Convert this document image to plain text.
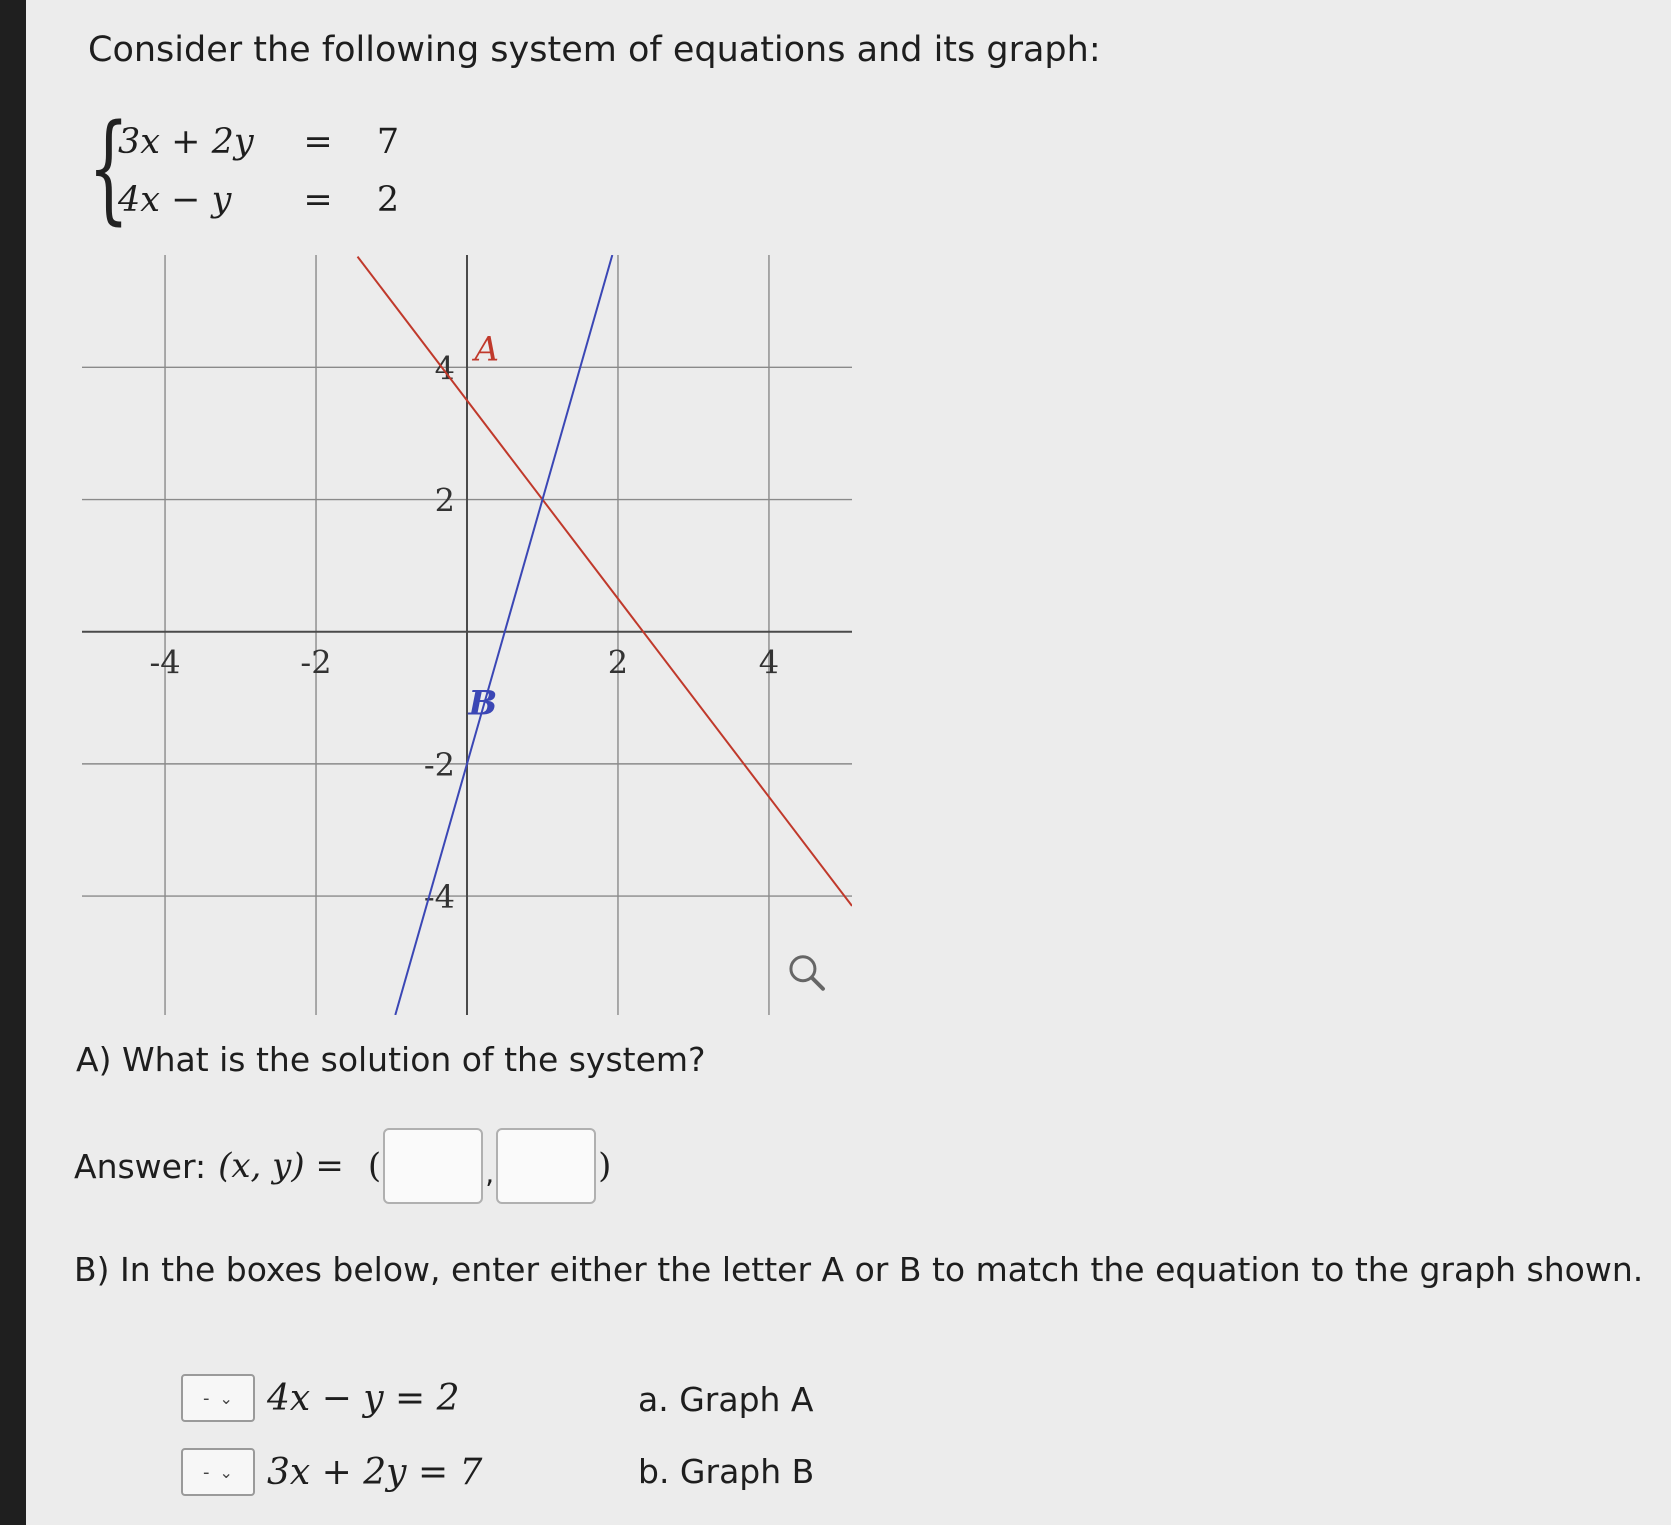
Consider the following system of equations and its graph:
{
3x + 2y	=	7
4x − y	=	2
-4	-2	2	4
4
2
-2
-4
A
B
A) What is the solution of the system?
Answer: (x, y) = (	,	)
B) In the boxes below, enter either the letter A or B to match the equation to the graph shown.
- ⌄ 4x − y = 2
- ⌄ 3x + 2y = 7
a. Graph A
b. Graph B
